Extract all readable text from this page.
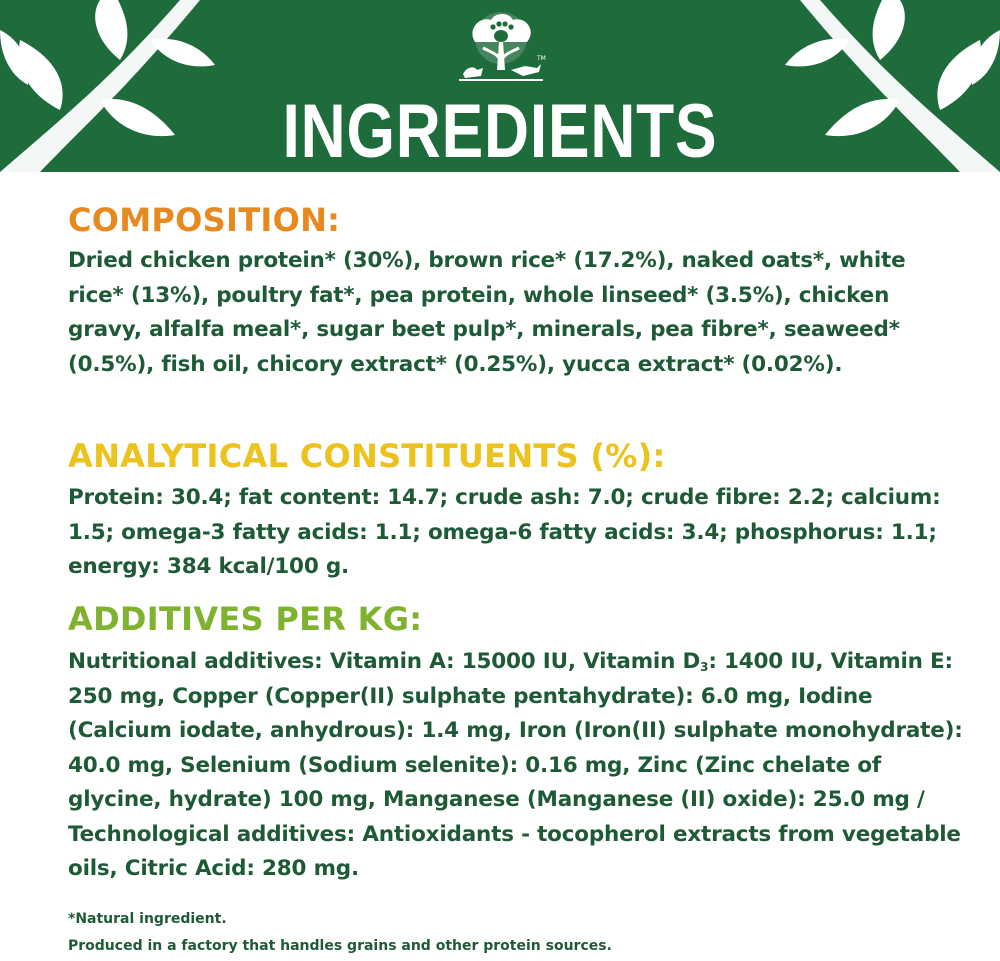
TM
INGREDIENTS
COMPOSITION:

Dried chicken protein* (30%), brown rice* (17.2%), naked oats*, white rice* (13%), poultry fat*, pea protein, whole linseed* (3.5%), chicken gravy, alfalfa meal*, sugar beet pulp*, minerals, pea fibre*, seaweed* (0.5%), fish oil, chicory extract* (0.25%), yucca extract* (0.02%).

ANALYTICAL CONSTITUENTS (%):

Protein: 30.4; fat content: 14.7; crude ash: 7.0; crude fibre: 2.2; calcium: 1.5; omega-3 fatty acids: 1.1; omega-6 fatty acids: 3.4; phosphorus: 1.1; energy: 384 kcal/100 g.

ADDITIVES PER KG:

Nutritional additives: Vitamin A: 15000 IU, Vitamin $D_3$: 1400 IU, Vitamin E: 250 mg, Copper (Copper(II) sulphate pentahydrate): 6.0 mg, Iodine (Calcium iodate, anhydrous): 1.4 mg, Iron (Iron(II) sulphate monohydrate): 40.0 mg, Selenium (Sodium selenite): 0.16 mg, Zinc (Zinc chelate of glycine, hydrate) 100 mg, Manganese (Manganese (II) oxide): 25.0 mg / Technological additives: Antioxidants - tocopherol extracts from vegetable oils, Citric Acid: 280 mg.

*Natural ingredient.
Produced in a factory that handles grains and other protein sources.
